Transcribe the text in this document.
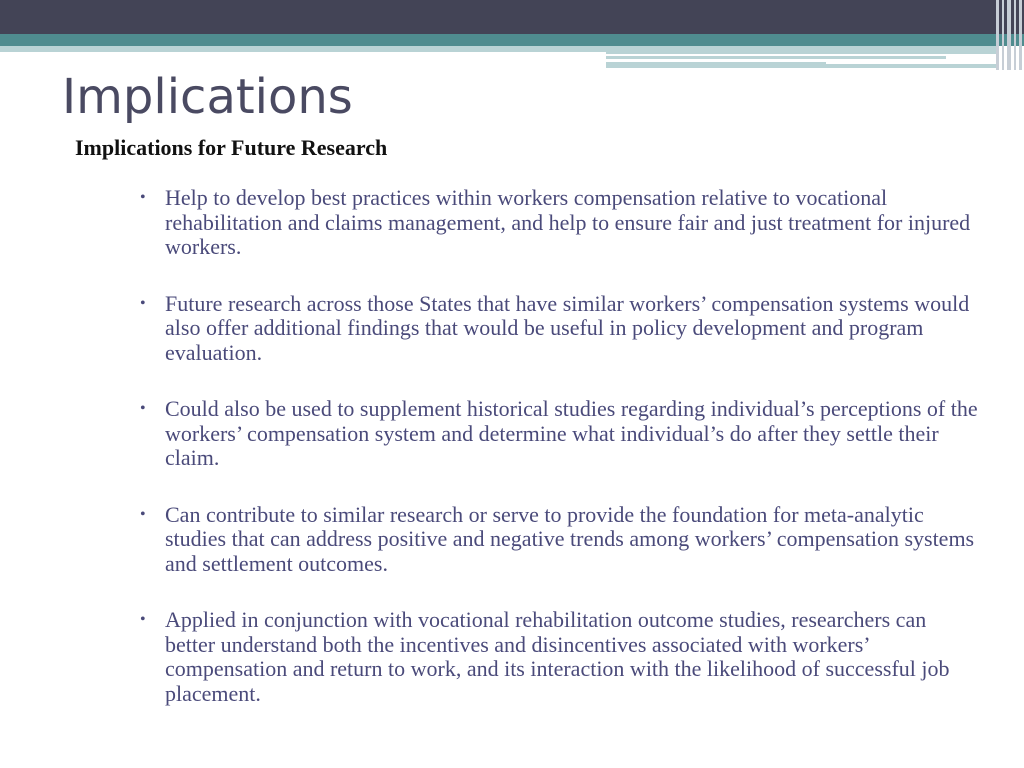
Implications
Implications for Future Research
• Help to develop best practices within workers compensation relative to vocational rehabilitation and claims management, and help to ensure fair and just treatment for injured workers.
• Future research across those States that have similar workers’ compensation systems would also offer additional findings that would be useful in policy development and program evaluation.
• Could also be used to supplement historical studies regarding individual’s perceptions of the workers’ compensation system and determine what individual’s do after they settle their claim.
• Can contribute to similar research or serve to provide the foundation for meta-analytic studies that can address positive and negative trends among workers’ compensation systems and settlement outcomes.
• Applied in conjunction with vocational rehabilitation outcome studies, researchers can better understand both the incentives and disincentives associated with workers’ compensation and return to work, and its interaction with the likelihood of successful job placement.
